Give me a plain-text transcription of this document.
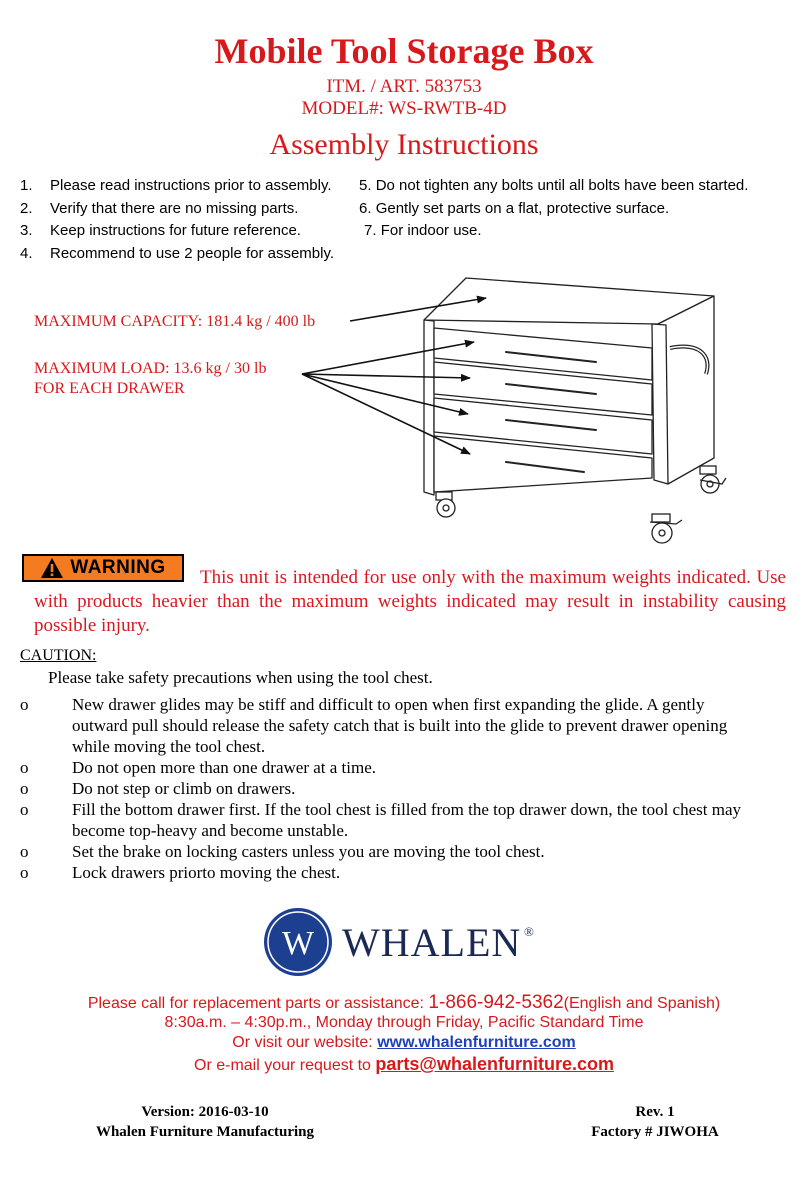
Mobile Tool Storage Box
ITM. / ART. 583753
MODEL#: WS-RWTB-4D
Assembly Instructions
1. Please read instructions prior to assembly.
2. Verify that there are no missing parts.
3. Keep instructions for future reference.
4. Recommend to use 2 people for assembly.
5. Do not tighten any bolts until all bolts have been started.
6. Gently set parts on a flat, protective surface.
7. For indoor use.
MAXIMUM CAPACITY: 181.4 kg / 400 lb
MAXIMUM LOAD: 13.6 kg / 30 lb
FOR EACH DRAWER
WARNING	This unit is intended for use only with the maximum weights indicated. Use with products heavier than the maximum weights indicated may result in instability causing possible injury.
CAUTION:
Please take safety precautions when using the tool chest.
o	New drawer glides may be stiff and difficult to open when first expanding the glide. A gently outward pull should release the safety catch that is built into the glide to prevent drawer opening while moving the tool chest.
o	Do not open more than one drawer at a time.
o	Do not step or climb on drawers.
o	Fill the bottom drawer first. If the tool chest is filled from the top drawer down, the tool chest may become top-heavy and become unstable.
o	Set the brake on locking casters unless you are moving the tool chest.
o	Lock drawers priorto moving the chest.
W WHALEN ®
Please call for replacement parts or assistance: 1-866-942-5362(English and Spanish)
8:30a.m. – 4:30p.m., Monday through Friday, Pacific Standard Time
Or visit our website: www.whalenfurniture.com
Or e-mail your request to parts@whalenfurniture.com
Version: 2016-03-10
Whalen Furniture Manufacturing
Rev. 1
Factory # JIWOHA
